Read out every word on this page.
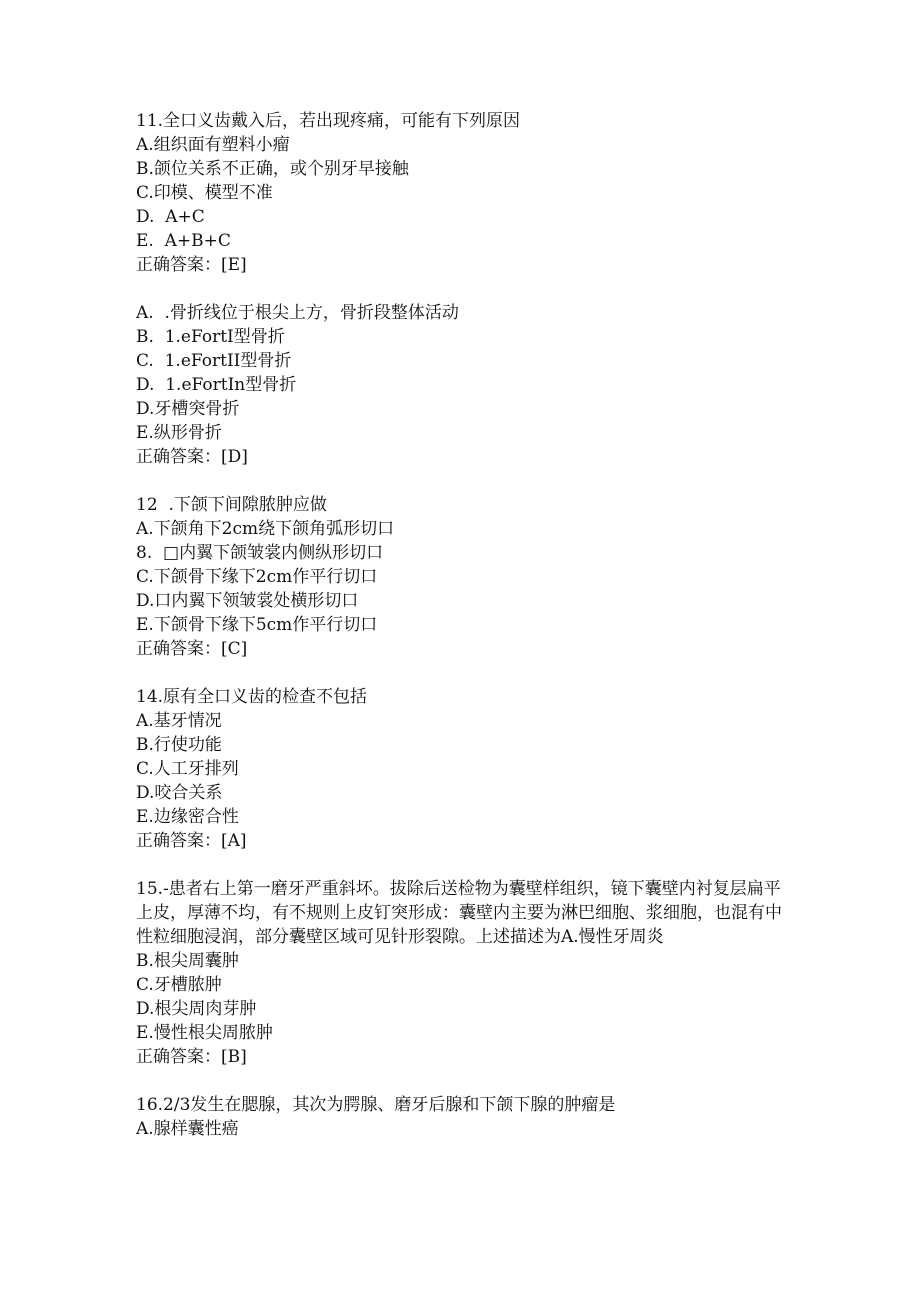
11.全口义齿戴入后，若出现疼痛，可能有下列原因

A.组织面有塑料小瘤

B.颌位关系不正确，或个别牙早接触

C.印模、模型不准

D.  A+C

E.  A+B+C

正确答案：[E]

A.  .骨折线位于根尖上方，骨折段整体活动

B.  1.eFortI型骨折

C.  1.eFortII型骨折

D.  1.eFortIn型骨折

D.牙槽突骨折

E.纵形骨折

正确答案：[D]

12  .下颌下间隙脓肿应做

A.下颌角下2cm绕下颌角弧形切口

8.  □内翼下颌皱裳内侧纵形切口

C.下颌骨下缘下2cm作平行切口

D.口内翼下领皱裳处横形切口

E.下颌骨下缘下5cm作平行切口

正确答案：[C]

14.原有全口义齿的检查不包括

A.基牙情况

B.行使功能

C.人工牙排列

D.咬合关系

E.边缘密合性

正确答案：[A]

15.-患者右上第一磨牙严重斜坏。拔除后送检物为囊壁样组织，镜下囊壁内衬复层扁平上皮，厚薄不均，有不规则上皮钉突形成：囊壁内主要为淋巴细胞、浆细胞，也混有中性粒细胞浸润，部分囊壁区域可见针形裂隙。上述描述为A.慢性牙周炎

B.根尖周囊肿

C.牙槽脓肿

D.根尖周肉芽肿

E.慢性根尖周脓肿

正确答案：[B]

16.2/3发生在腮腺，其次为腭腺、磨牙后腺和下颌下腺的肿瘤是

A.腺样囊性癌
